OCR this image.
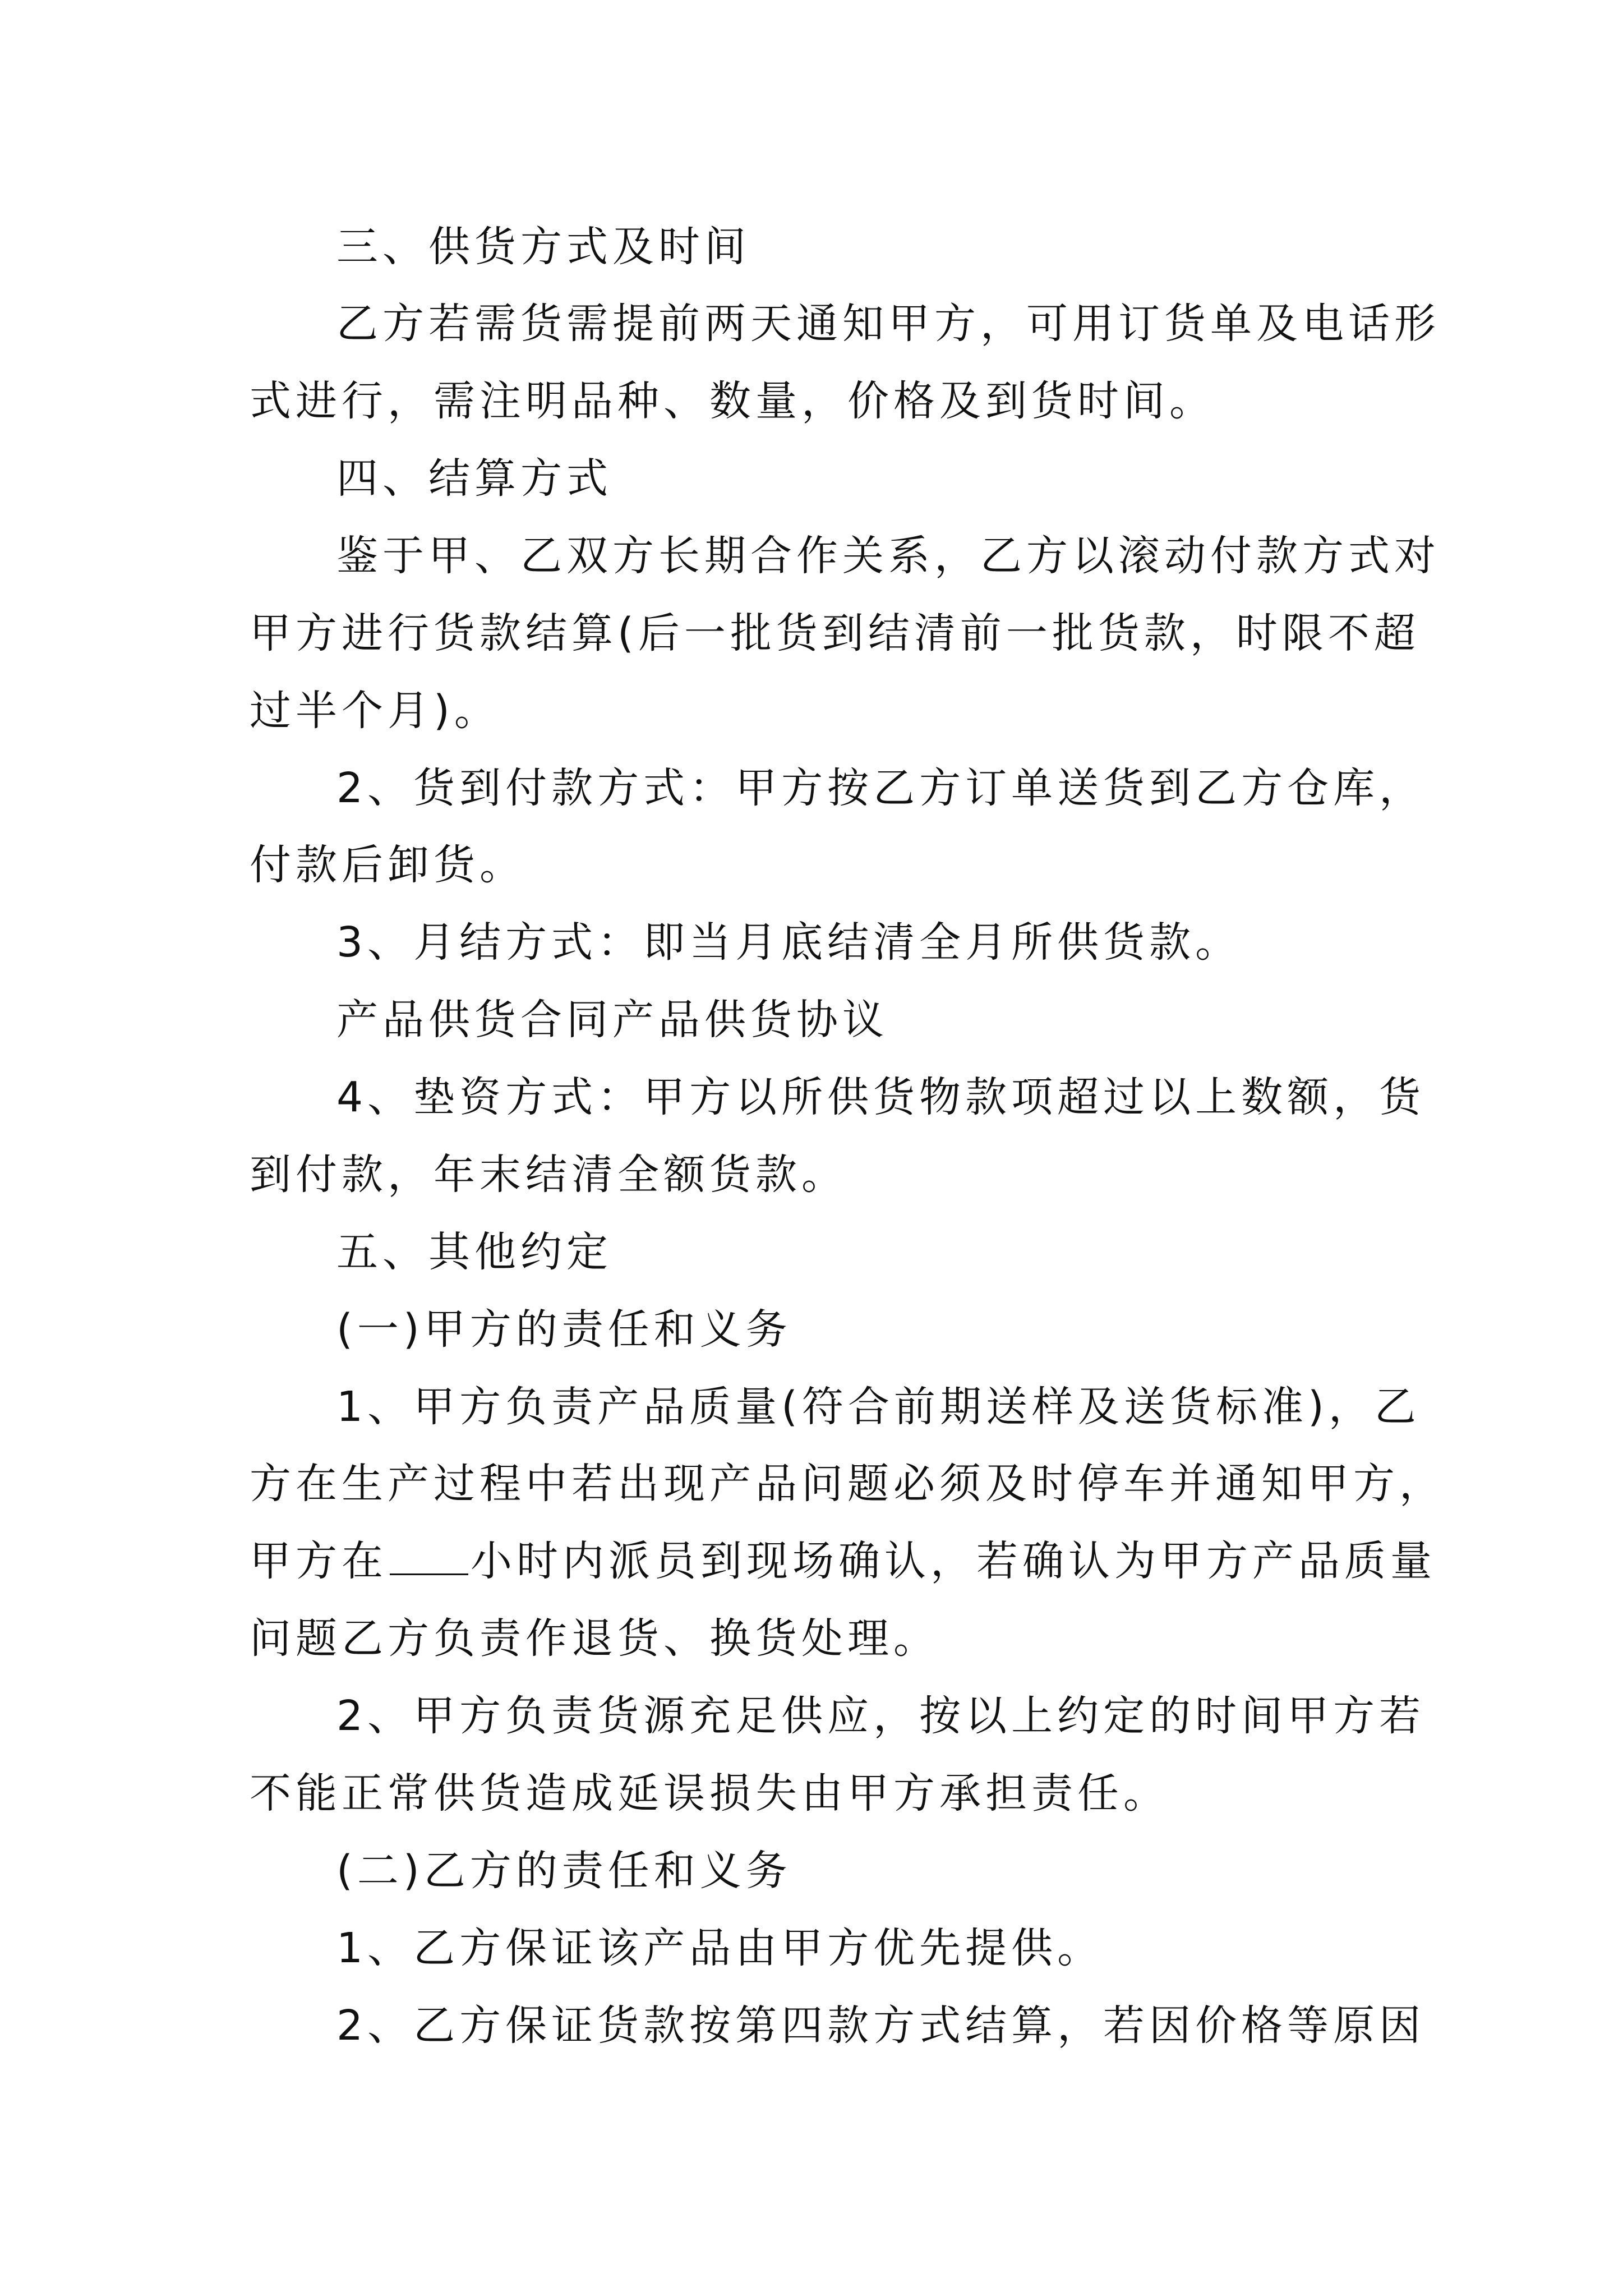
三、供货方式及时间
乙方若需货需提前两天通知甲方，可用订货单及电话形
式进行，需注明品种、数量，价格及到货时间。
四、结算方式
鉴于甲、乙双方长期合作关系，乙方以滚动付款方式对
甲方进行货款结算(后一批货到结清前一批货款，时限不超
过半个月)。
2、货到付款方式：甲方按乙方订单送货到乙方仓库，
付款后卸货。
3、月结方式：即当月底结清全月所供货款。
产品供货合同产品供货协议
4、垫资方式：甲方以所供货物款项超过以上数额，货
到付款，年末结清全额货款。
五、其他约定
(一)甲方的责任和义务
1、甲方负责产品质量(符合前期送样及送货标准)，乙
方在生产过程中若出现产品问题必须及时停车并通知甲方，
甲方在 小时内派员到现场确认，若确认为甲方产品质量
问题乙方负责作退货、换货处理。
2、甲方负责货源充足供应，按以上约定的时间甲方若
不能正常供货造成延误损失由甲方承担责任。
(二)乙方的责任和义务
1、乙方保证该产品由甲方优先提供。
2、乙方保证货款按第四款方式结算，若因价格等原因
